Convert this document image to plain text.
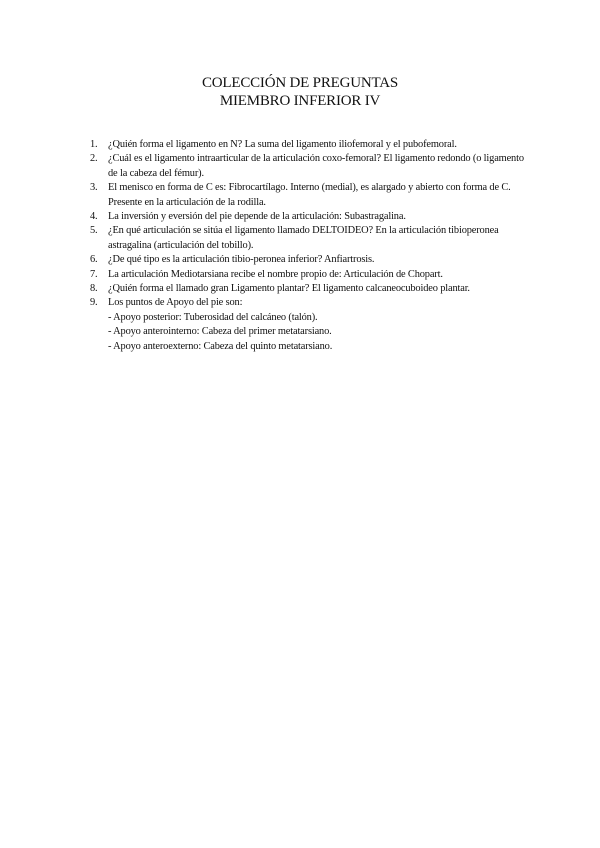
COLECCIÓN DE PREGUNTAS
MIEMBRO INFERIOR IV
1. ¿Quién forma el ligamento en N? La suma del ligamento iliofemoral y el pubofemoral.
2. ¿Cuál es el ligamento intraarticular de la articulación coxo-femoral? El ligamento redondo (o ligamento de la cabeza del fémur).
3. El menisco en forma de C es: Fibrocartílago. Interno (medial), es alargado y abierto con forma de C. Presente en la articulación de la rodilla.
4. La inversión y eversión del pie depende de la articulación: Subastragalina.
5. ¿En qué articulación se sitúa el ligamento llamado DELTOIDEO? En la articulación tibioperonea astragalina (articulación del tobillo).
6. ¿De qué tipo es la articulación tibio-peronea inferior? Anfiartrosis.
7. La articulación Mediotarsiana recibe el nombre propio de: Articulación de Chopart.
8. ¿Quién forma el llamado gran Ligamento plantar? El ligamento calcaneocuboideo plantar.
9. Los puntos de Apoyo del pie son:
- Apoyo posterior: Tuberosidad del calcáneo (talón).
- Apoyo anterointerno: Cabeza del primer metatarsiano.
- Apoyo anteroexterno: Cabeza del quinto metatarsiano.
